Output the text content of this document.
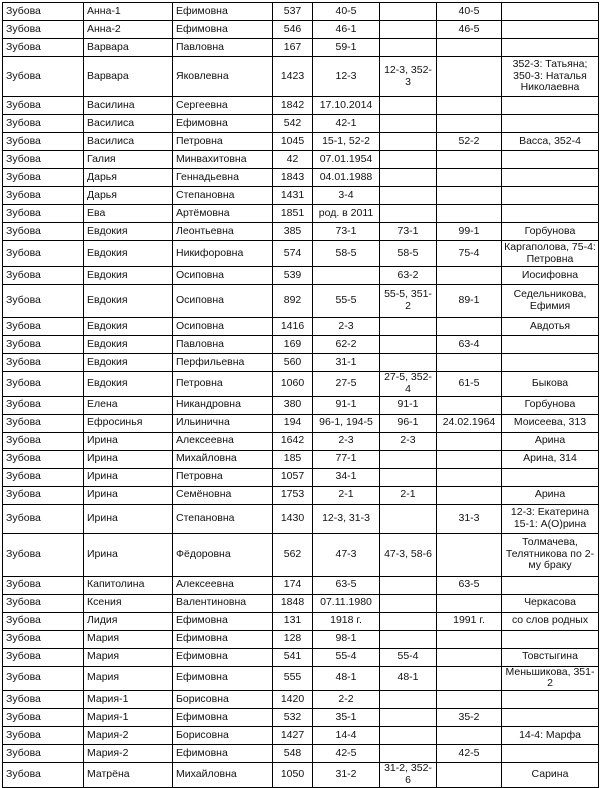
Зубова	Анна-1	Ефимовна	537	40-5		40-5	
Зубова	Анна-2	Ефимовна	546	46-1		46-5	
Зубова	Варвара	Павловна	167	59-1			
Зубова	Варвара	Яковлевна	1423	12-3	12-3, 352-3		352-3: Татьяна; 350-3: Наталья Николаевна
Зубова	Василина	Сергеевна	1842	17.10.2014			
Зубова	Василиса	Ефимовна	542	42-1			
Зубова	Василиса	Петровна	1045	15-1, 52-2		52-2	Васса, 352-4
Зубова	Галия	Минвахитовна	42	07.01.1954			
Зубова	Дарья	Геннадьевна	1843	04.01.1988			
Зубова	Дарья	Степановна	1431	3-4			
Зубова	Ева	Артёмовна	1851	род. в 2011			
Зубова	Евдокия	Леонтьевна	385	73-1	73-1	99-1	Горбунова
Зубова	Евдокия	Никифоровна	574	58-5	58-5	75-4	Каргаполова, 75-4: Петровна
Зубова	Евдокия	Осиповна	539		63-2		Иосифовна
Зубова	Евдокия	Осиповна	892	55-5	55-5, 351-2	89-1	Седельникова, Ефимия
Зубова	Евдокия	Осиповна	1416	2-3			Авдотья
Зубова	Евдокия	Павловна	169	62-2		63-4	
Зубова	Евдокия	Перфильевна	560	31-1			
Зубова	Евдокия	Петровна	1060	27-5	27-5, 352-4	61-5	Быкова
Зубова	Елена	Никандровна	380	91-1	91-1		Горбунова
Зубова	Ефросинья	Ильинична	194	96-1, 194-5	96-1	24.02.1964	Моисеева, 313
Зубова	Ирина	Алексеевна	1642	2-3	2-3		Арина
Зубова	Ирина	Михайловна	185	77-1			Арина, 314
Зубова	Ирина	Петровна	1057	34-1			
Зубова	Ирина	Семёновна	1753	2-1	2-1		Арина
Зубова	Ирина	Степановна	1430	12-3, 31-3		31-3	12-3: Екатерина 15-1: А(О)рина
Зубова	Ирина	Фёдоровна	562	47-3	47-3, 58-6		Толмачева, Телятникова по 2-му браку
Зубова	Капитолина	Алексеевна	174	63-5		63-5	
Зубова	Ксения	Валентиновна	1848	07.11.1980			Черкасова
Зубова	Лидия	Ефимовна	131	1918 г.		1991 г.	со слов родных
Зубова	Мария	Ефимовна	128	98-1			
Зубова	Мария	Ефимовна	541	55-4	55-4		Товстыгина
Зубова	Мария	Ефимовна	555	48-1	48-1		Меньшикова, 351-2
Зубова	Мария-1	Борисовна	1420	2-2			
Зубова	Мария-1	Ефимовна	532	35-1		35-2	
Зубова	Мария-2	Борисовна	1427	14-4			14-4: Марфа
Зубова	Мария-2	Ефимовна	548	42-5		42-5	
Зубова	Матрёна	Михайловна	1050	31-2	31-2, 352-6		Сарина
